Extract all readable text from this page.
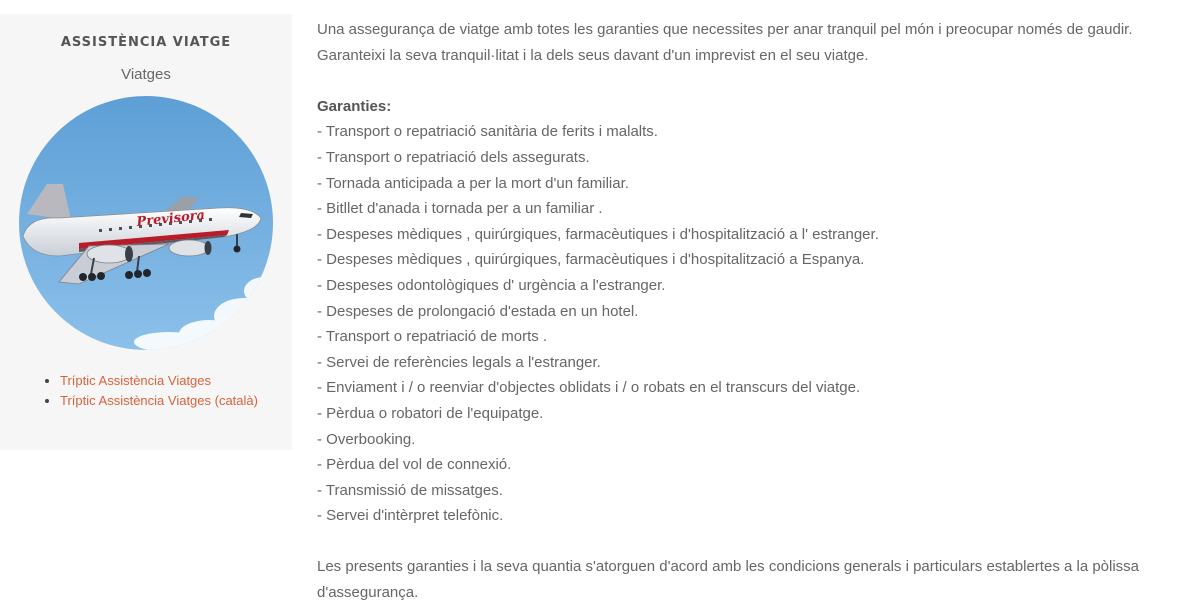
ASSISTÈNCIA VIATGE

Viatges

Previsora
• Tríptic Assistència Viatges
• Tríptic Assistència Viatges (català)

Una assegurança de viatge amb totes les garanties que necessites per anar tranquil pel món i preocupar només de gaudir.
Garanteixi la seva tranquil·litat i la dels seus davant d'un imprevist en el seu viatge.

Garanties:
- Transport o repatriació sanitària de ferits i malalts.
- Transport o repatriació dels assegurats.
- Tornada anticipada a per la mort d'un familiar.
- Bitllet d'anada i tornada per a un familiar .
- Despeses mèdiques , quirúrgiques, farmacèutiques i d'hospitalització a l' estranger.
- Despeses mèdiques , quirúrgiques, farmacèutiques i d'hospitalització a Espanya.
- Despeses odontològiques d' urgència a l'estranger.
- Despeses de prolongació d'estada en un hotel.
- Transport o repatriació de morts .
- Servei de referències legals a l'estranger.
- Enviament i / o reenviar d'objectes oblidats i / o robats en el transcurs del viatge.
- Pèrdua o robatori de l'equipatge.
- Overbooking.
- Pèrdua del vol de connexió.
- Transmissió de missatges.
- Servei d'intèrpret telefònic.

Les presents garanties i la seva quantia s'atorguen d'acord amb les condicions generals i particulars establertes a la pòlissa d'assegurança.
